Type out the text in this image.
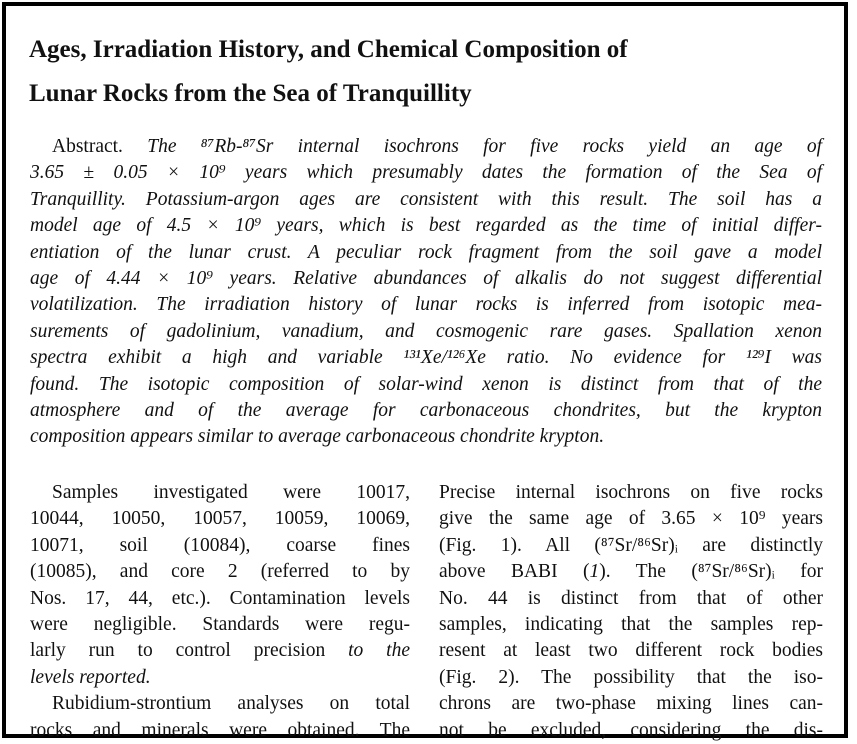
Ages, Irradiation History, and Chemical Composition of
Lunar Rocks from the Sea of Tranquillity
Abstract. The ⁸⁷Rb-⁸⁷Sr internal isochrons for five rocks yield an age of
3.65 ± 0.05 × 10⁹ years which presumably dates the formation of the Sea of
Tranquillity. Potassium-argon ages are consistent with this result. The soil has a
model age of 4.5 × 10⁹ years, which is best regarded as the time of initial differ-
entiation of the lunar crust. A peculiar rock fragment from the soil gave a model
age of 4.44 × 10⁹ years. Relative abundances of alkalis do not suggest differential
volatilization. The irradiation history of lunar rocks is inferred from isotopic mea-
surements of gadolinium, vanadium, and cosmogenic rare gases. Spallation xenon
spectra exhibit a high and variable ¹³¹Xe/¹²⁶Xe ratio. No evidence for ¹²⁹I was
found. The isotopic composition of solar-wind xenon is distinct from that of the
atmosphere and of the average for carbonaceous chondrites, but the krypton
composition appears similar to average carbonaceous chondrite krypton.
Samples investigated were 10017,
10044, 10050, 10057, 10059, 10069,
10071, soil (10084), coarse fines
(10085), and core 2 (referred to by
Nos. 17, 44, etc.). Contamination levels
were negligible. Standards were regu-
larly run to control precision to the
levels reported.
Rubidium-strontium analyses on total
rocks and minerals were obtained. The
Precise internal isochrons on five rocks
give the same age of 3.65 × 10⁹ years
(Fig. 1). All (⁸⁷Sr/⁸⁶Sr)ᵢ are distinctly
above BABI (1). The (⁸⁷Sr/⁸⁶Sr)ᵢ for
No. 44 is distinct from that of other
samples, indicating that the samples rep-
resent at least two different rock bodies
(Fig. 2). The possibility that the iso-
chrons are two-phase mixing lines can-
not be excluded, considering the dis-
